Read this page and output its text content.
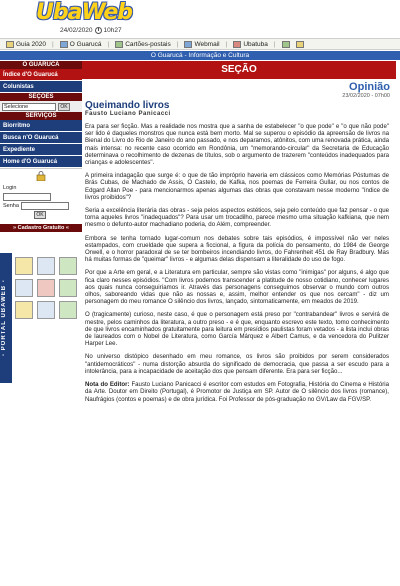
UbaWeb
24/02/2020 10h27
Guia 2020 | O Guarucá | Cartões-postais | Webmail | Ubatuba |
O Guarucá - Informação e Cultura
O GUARUCÁ
Índice d'O Guarucá
Colunistas
SEÇÕES
Selecione	OK
SERVIÇOS
Biorritmo
Busca n'O Guarucá
Expediente
Home d'O Guarucá
Login
Senha
OK
» Cadastro Gratuito «
- PORTAL UBAWEB -
SEÇÃO
Opinião
23/02/2020 - 07h00
Queimando livros
Fausto Luciano Panicacci

Era para ser ficção. Mas a realidade nos mostra que a sanha de estabelecer "o que pode" e "o que não pode" ser lido é daqueles monstros que nunca está bem morto. Mal se superou o episódio da apreensão de livros na Bienal do Livro do Rio de Janeiro do ano passado, e nos deparamos, atônitos, com uma renovada prática, ainda mais intensa: no recente caso ocorrido em Rondônia, um "memorando-circular" da Secretaria de Educação determinava o recolhimento de dezenas de títulos, sob o argumento de trazerem "conteúdos inadequados para crianças e adolescentes".

A primeira indagação que surge é: o que de tão impróprio haveria em clássicos como Memórias Póstumas de Brás Cubas, de Machado de Assis, O Castelo, de Kafka, nos poemas de Ferreira Gullar, ou nos contos de Edgard Allan Poe - para mencionarmos apenas algumas das obras que constavam nesse moderno "índice de livros proibidos"?

Seria a excelência literária das obras - seja pelos aspectos estéticos, seja pelo conteúdo que faz pensar - o que torna aqueles livros "inadequados"? Para usar um trocadilho, parece mesmo uma situação kafkiana, que nem mesmo o defunto-autor machadiano poderia, do Além, compreender.

Embora se tenha tornado lugar-comum nos debates sobre tais episódios, é impossível não ver neles estampados, com crueldade que supera a ficcional, a figura da polícia do pensamento, do 1984 de George Orwell, e o horror paradoxal de se ter bombeiros incendiando livros, do Fahrenheit 451 de Ray Bradbury. Mas há muitas formas de "queimar" livros - e algumas delas dispensam a literalidade do uso de fogo.

Por que a Arte em geral, e a Literatura em particular, sempre são vistas como "inimigas" por alguns, é algo que fica claro nesses episódios. "Com livros podemos transcender a platitude de nosso cotidiano, conhecer lugares aos quais nunca conseguiríamos ir. Através das personagens conseguimos observar o mundo com outros olhos, saboreando vidas que não as nossas e, assim, melhor entender os que nos cercam" - diz um personagem do meu romance O silêncio dos livros, lançado, sintomaticamente, em meados de 2019.

O (tragicamente) curioso, neste caso, é que o personagem está preso por "contrabandear" livros e servirá de mestre, pelos caminhos da literatura, a outro preso - e é que, enquanto escrevo este texto, tomo conhecimento de que livros encaminhados gratuitamente para leitura em presídios paulistas foram vetados - a lista inclui obras de laureados com o Nobel de Literatura, como García Márquez e Albert Camus, e da vencedora do Pulitzer Harper Lee.

No universo distópico desenhado em meu romance, os livros são proibidos por serem considerados "antidemocráticos" - numa distorção absurda do significado de democracia, que passa a ser escudo para a intolerância, para a incapacidade de aceitação dos que pensam diferente. Era para ser ficção...

Nota do Editor: Fausto Luciano Panicacci é escritor com estudos em Fotografia, História do Cinema e História da Arte. Doutor em Direito (Portugal), é Promotor de Justiça em SP. Autor de O silêncio dos livros (romance), Naufrágios (contos e poemas) e de obra jurídica. Foi Professor de pós-graduação no GV/Law da FGV/SP.
